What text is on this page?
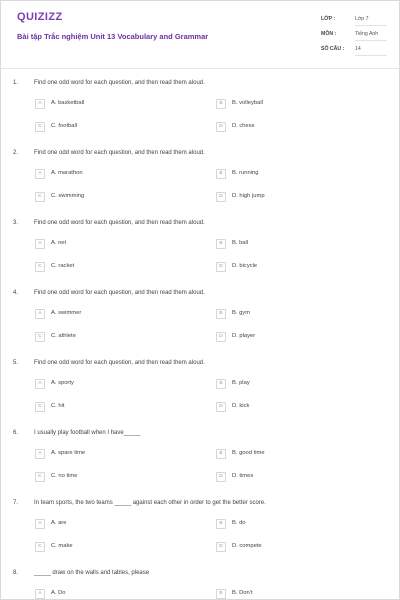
QUIZIZZ
Bài tập Trắc nghiệm Unit 13 Vocabulary and Grammar
LỚP :	Lớp 7
MÔN :	Tiếng Anh
SỐ CÂU : 14
1.	Find one odd word for each question, and then read them aloud.
A	A. basketball	B	B. volleyball
C	C. football	D	D. chess
2.	Find one odd word for each question, and then read them aloud.
A	A. marathon	B	B. running
C	C. swimming	D	D. high jump
3.	Find one odd word for each question, and then read them aloud.
A	A. net	B	B. ball
C	C. racket	D	D. bicycle
4.	Find one odd word for each question, and then read them aloud.
A	A. swimmer	B	B. gym
C	C. athlete	D	D. player
5.	Find one odd word for each question, and then read them aloud.
A	A. sporty	B	B. play
C	C. hit	D	D. kick
6.	I usually play football when I have_____
A	A. spare time	B	B. good time
C	C. no time	D	D. times
7.	In team sports, the two teams _____ against each other in order to get the better score.
A	A. are	B	B. do
C	C. make	D	D. compete
8.	_____ draw on the walls and tables, please
A	A. Do	B	B. Don't
